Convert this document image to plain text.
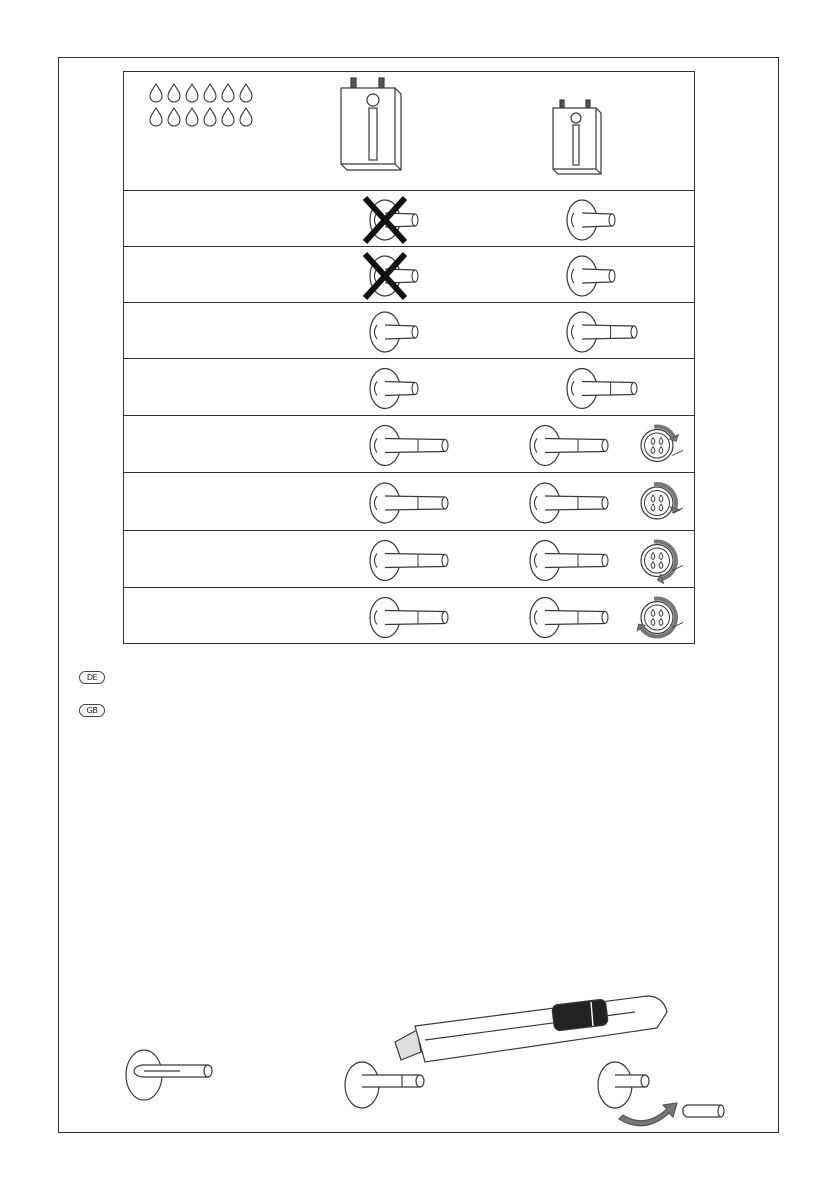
DE
GB
